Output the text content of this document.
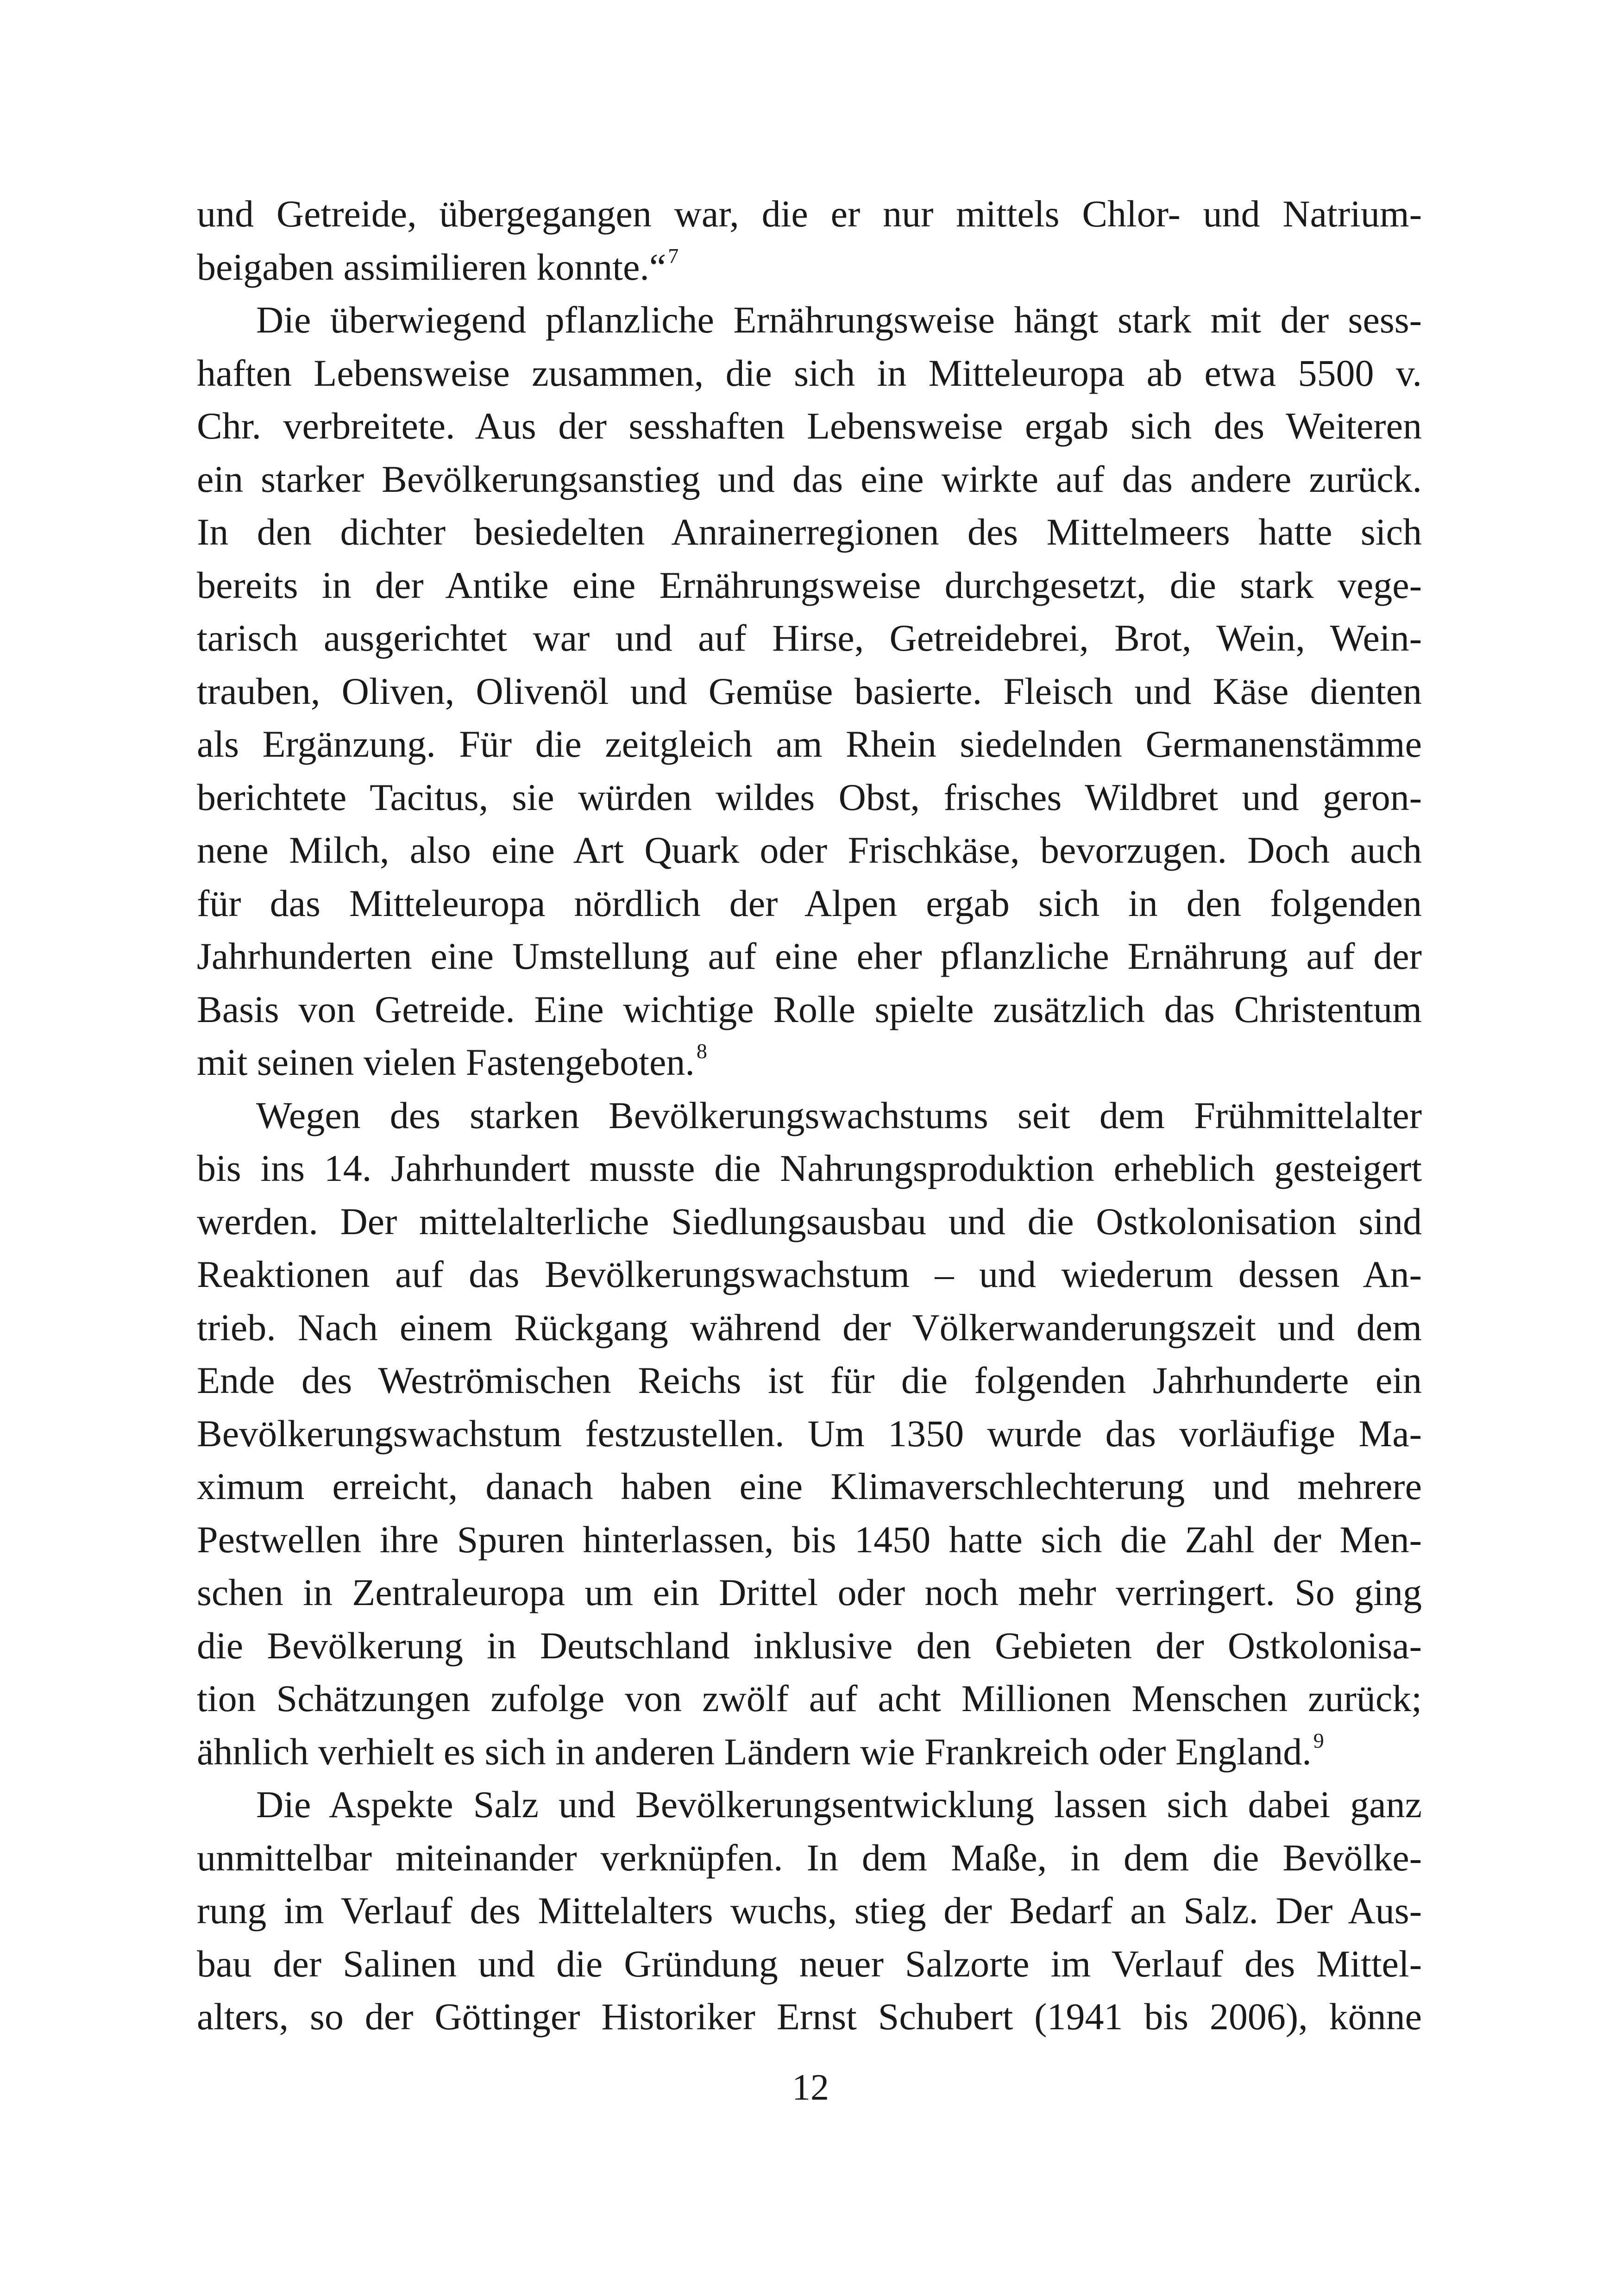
und Getreide, übergegangen war, die er nur mittels Chlor- und Natrium-
beigaben assimilieren konnte.“$^7$
Die überwiegend pflanzliche Ernährungsweise hängt stark mit der sess-
haften Lebensweise zusammen, die sich in Mitteleuropa ab etwa 5500 v.
Chr. verbreitete. Aus der sesshaften Lebensweise ergab sich des Weiteren
ein starker Bevölkerungsanstieg und das eine wirkte auf das andere zurück.
In den dichter besiedelten Anrainerregionen des Mittelmeers hatte sich
bereits in der Antike eine Ernährungsweise durchgesetzt, die stark vege-
tarisch ausgerichtet war und auf Hirse, Getreidebrei, Brot, Wein, Wein-
trauben, Oliven, Olivenöl und Gemüse basierte. Fleisch und Käse dienten
als Ergänzung. Für die zeitgleich am Rhein siedelnden Germanenstämme
berichtete Tacitus, sie würden wildes Obst, frisches Wildbret und geron-
nene Milch, also eine Art Quark oder Frischkäse, bevorzugen. Doch auch
für das Mitteleuropa nördlich der Alpen ergab sich in den folgenden
Jahrhunderten eine Umstellung auf eine eher pflanzliche Ernährung auf der
Basis von Getreide. Eine wichtige Rolle spielte zusätzlich das Christentum
mit seinen vielen Fastengeboten.$^8$
Wegen des starken Bevölkerungswachstums seit dem Frühmittelalter
bis ins 14. Jahrhundert musste die Nahrungsproduktion erheblich gesteigert
werden. Der mittelalterliche Siedlungsausbau und die Ostkolonisation sind
Reaktionen auf das Bevölkerungswachstum – und wiederum dessen An-
trieb. Nach einem Rückgang während der Völkerwanderungszeit und dem
Ende des Weströmischen Reichs ist für die folgenden Jahrhunderte ein
Bevölkerungswachstum festzustellen. Um 1350 wurde das vorläufige Ma-
ximum erreicht, danach haben eine Klimaverschlechterung und mehrere
Pestwellen ihre Spuren hinterlassen, bis 1450 hatte sich die Zahl der Men-
schen in Zentraleuropa um ein Drittel oder noch mehr verringert. So ging
die Bevölkerung in Deutschland inklusive den Gebieten der Ostkolonisa-
tion Schätzungen zufolge von zwölf auf acht Millionen Menschen zurück;
ähnlich verhielt es sich in anderen Ländern wie Frankreich oder England.$^9$
Die Aspekte Salz und Bevölkerungsentwicklung lassen sich dabei ganz
unmittelbar miteinander verknüpfen. In dem Maße, in dem die Bevölke-
rung im Verlauf des Mittelalters wuchs, stieg der Bedarf an Salz. Der Aus-
bau der Salinen und die Gründung neuer Salzorte im Verlauf des Mittel-
alters, so der Göttinger Historiker Ernst Schubert (1941 bis 2006), könne
12
